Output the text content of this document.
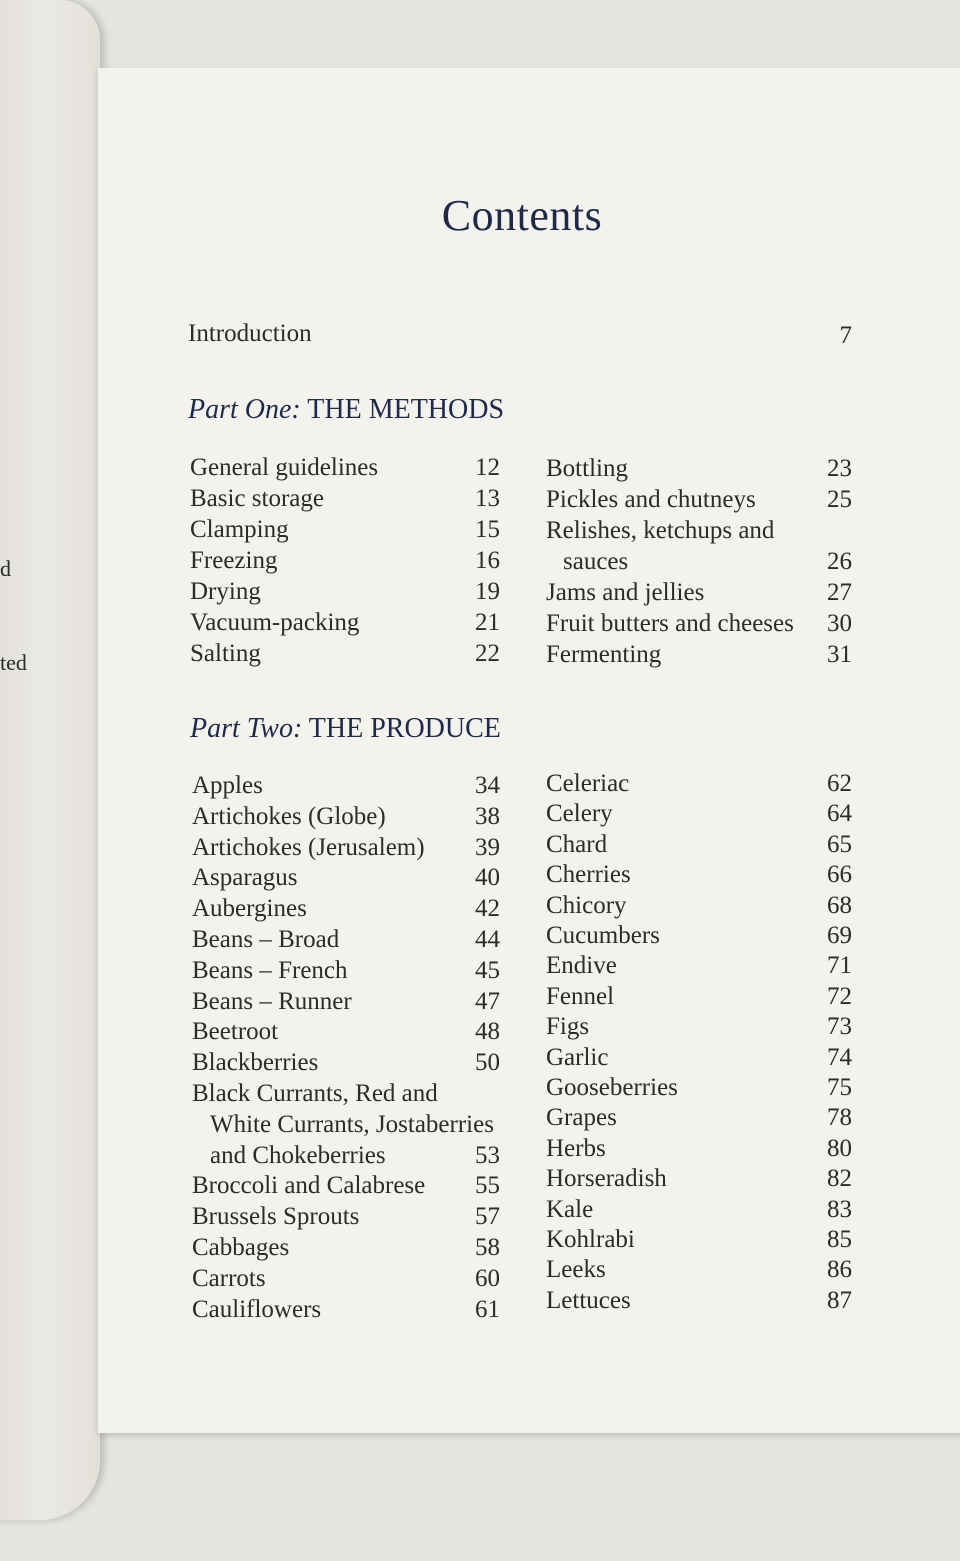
d
ted
Contents
Introduction	7
Part One: THE METHODS
General guidelines	12
Basic storage	13
Clamping	15
Freezing	16
Drying	19
Vacuum-packing	21
Salting	22
Bottling	23
Pickles and chutneys	25
Relishes, ketchups and
sauces	26
Jams and jellies	27
Fruit butters and cheeses	30
Fermenting	31
Part Two: THE PRODUCE
Apples	34
Artichokes (Globe)	38
Artichokes (Jerusalem)	39
Asparagus	40
Aubergines	42
Beans – Broad	44
Beans – French	45
Beans – Runner	47
Beetroot	48
Blackberries	50
Black Currants, Red and
White Currants, Jostaberries
and Chokeberries	53
Broccoli and Calabrese	55
Brussels Sprouts	57
Cabbages	58
Carrots	60
Cauliflowers	61
Celeriac	62
Celery	64
Chard	65
Cherries	66
Chicory	68
Cucumbers	69
Endive	71
Fennel	72
Figs	73
Garlic	74
Gooseberries	75
Grapes	78
Herbs	80
Horseradish	82
Kale	83
Kohlrabi	85
Leeks	86
Lettuces	87
